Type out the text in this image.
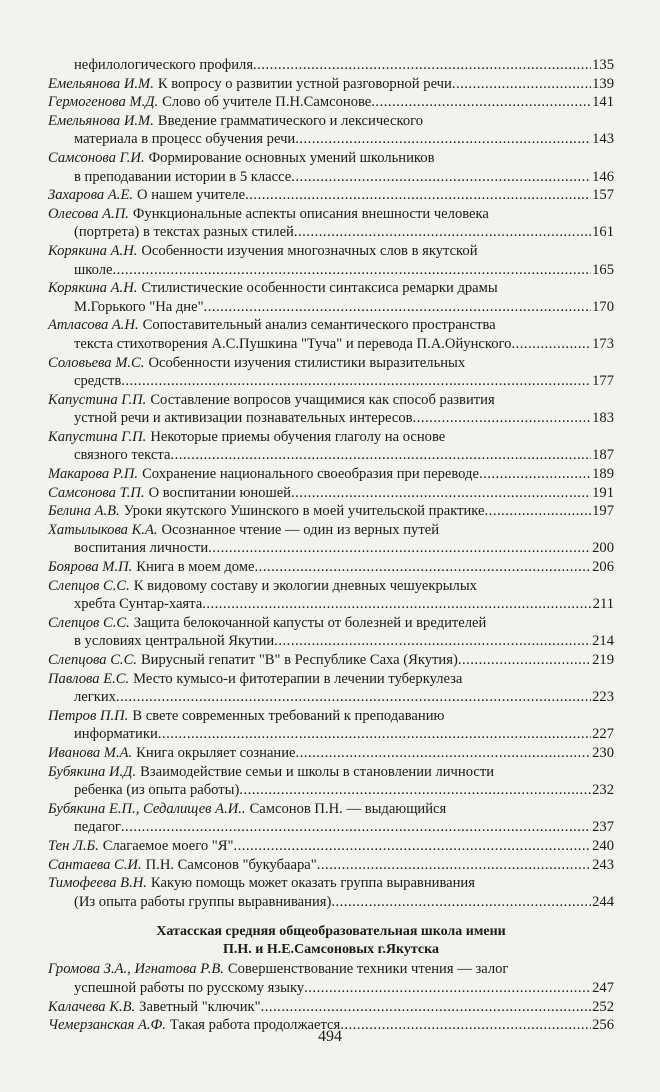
нефилологического профиля .....	135
Емельянова И.М. К вопросу о развитии устной разговорной речи .....	139
Гермогенова М.Д. Слово об учителе П.Н.Самсонове .....	141
Емельянова И.М. Введение грамматического и лексического
материала в процесс обучения речи .....	143
Самсонова Г.И. Формирование основных умений школьников
в преподавании истории в 5 классе .....	146
Захарова А.Е. О нашем учителе .....	157
Олесова А.П. Функциональные аспекты описания внешности человека
(портрета) в текстах разных стилей .....	161
Корякина А.Н. Особенности изучения многозначных слов в якутской
школе .....	165
Корякина А.Н. Стилистические особенности синтаксиса ремарки драмы
М.Горького "На дне" .....	170
Атласова А.Н. Сопоставительный анализ семантического пространства
текста стихотворения А.С.Пушкина "Туча" и перевода П.А.Ойунского .....	173
Соловьева М.С. Особенности изучения стилистики выразительных
средств .....	177
Капустина Г.П. Составление вопросов учащимися как способ развития
устной речи и активизации познавательных интересов .....	183
Капустина Г.П. Некоторые приемы обучения глаголу на основе
связного текста .....	187
Макарова Р.П. Сохранение национального своеобразия при переводе .....	189
Самсонова Т.П. О воспитании юношей .....	191
Белина А.В. Уроки якутского Ушинского в моей учительской практике .....	197
Хатылыкова К.А. Осознанное чтение — один из верных путей
воспитания личности .....	200
Боярова М.П. Книга в моем доме .....	206
Слепцов С.С. К видовому составу и экологии дневных чешуекрылых
хребта Сунтар-хаята .....	211
Слепцов С.С. Защита белокочанной капусты от болезней и вредителей
в условиях центральной Якутии .....	214
Слепцова С.С. Вирусный гепатит "В" в Республике Саха (Якутия) .....	219
Павлова Е.С. Место кумысо-и фитотерапии в лечении туберкулеза
легких .....	223
Петров П.П. В свете современных требований к преподаванию
информатики .....	227
Иванова М.А. Книга окрыляет сознание .....	230
Бубякина И.Д. Взаимодействие семьи и школы в становлении личности
ребенка (из опыта работы) .....	232
Бубякина Е.П., Седалищев А.И.. Самсонов П.Н. — выдающийся
педагог .....	237
Тен Л.Б. Слагаемое моего "Я" .....	240
Сантаева С.И. П.Н. Самсонов "букубаара" .....	243
Тимофеева В.Н. Какую помощь может оказать группа выравнивания
(Из опыта работы группы выравнивания) .....	244
Хатасская средняя общеобразовательная школа имени
П.Н. и Н.Е.Самсоновых г.Якутска
Громова З.А., Игнатова Р.В. Совершенствование техники чтения — залог
успешной работы по русскому языку .....	247
Калачева К.В. Заветный "ключик" .....	252
Чемерзанская А.Ф. Такая работа продолжается .....	256
494
